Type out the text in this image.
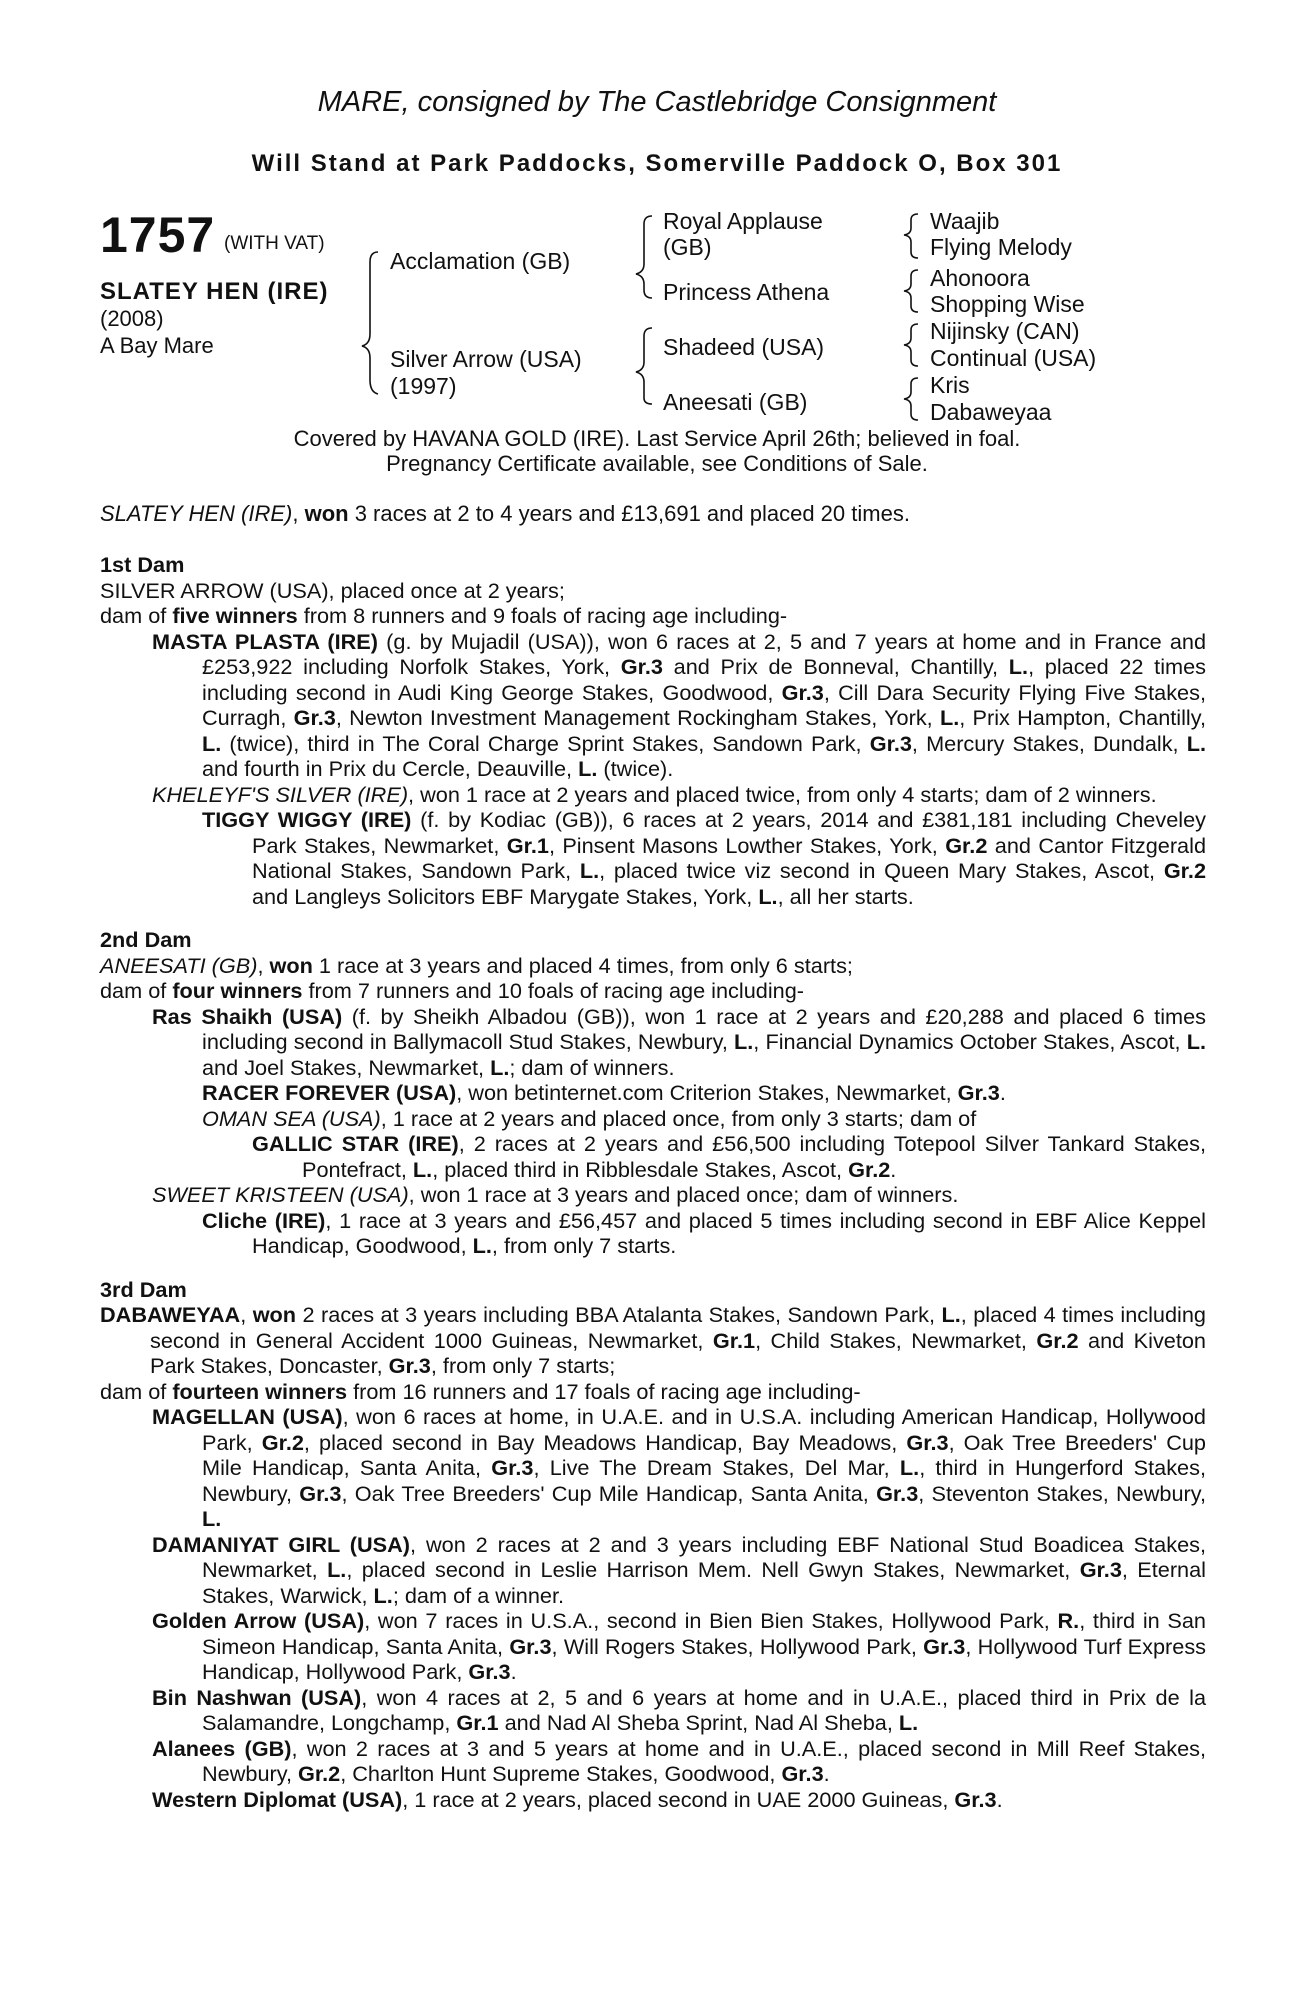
MARE, consigned by The Castlebridge Consignment
Will Stand at Park Paddocks, Somerville Paddock O, Box 301
1757 (WITH VAT)
SLATEY HEN (IRE)
(2008)
A Bay Mare
Acclamation (GB)
Silver Arrow (USA)
(1997)
Royal Applause
(GB)
Princess Athena
Shadeed (USA)
Aneesati (GB)
Waajib
Flying Melody
Ahonoora
Shopping Wise
Nijinsky (CAN)
Continual (USA)
Kris
Dabaweyaa
Covered by HAVANA GOLD (IRE). Last Service April 26th; believed in foal.
Pregnancy Certificate available, see Conditions of Sale.
SLATEY HEN (IRE), won 3 races at 2 to 4 years and £13,691 and placed 20 times.

1st Dam

SILVER ARROW (USA), placed once at 2 years;

dam of five winners from 8 runners and 9 foals of racing age including-

MASTA PLASTA (IRE) (g. by Mujadil (USA)), won 6 races at 2, 5 and 7 years at home and in France and £253,922 including Norfolk Stakes, York, Gr.3 and Prix de Bonneval, Chantilly, L., placed 22 times including second in Audi King George Stakes, Goodwood, Gr.3, Cill Dara Security Flying Five Stakes, Curragh, Gr.3, Newton Investment Management Rockingham Stakes, York, L., Prix Hampton, Chantilly, L. (twice), third in The Coral Charge Sprint Stakes, Sandown Park, Gr.3, Mercury Stakes, Dundalk, L. and fourth in Prix du Cercle, Deauville, L. (twice).

KHELEYF'S SILVER (IRE), won 1 race at 2 years and placed twice, from only 4 starts; dam of 2 winners.

TIGGY WIGGY (IRE) (f. by Kodiac (GB)), 6 races at 2 years, 2014 and £381,181 including Cheveley Park Stakes, Newmarket, Gr.1, Pinsent Masons Lowther Stakes, York, Gr.2 and Cantor Fitzgerald National Stakes, Sandown Park, L., placed twice viz second in Queen Mary Stakes, Ascot, Gr.2 and Langleys Solicitors EBF Marygate Stakes, York, L., all her starts.

2nd Dam

ANEESATI (GB), won 1 race at 3 years and placed 4 times, from only 6 starts;

dam of four winners from 7 runners and 10 foals of racing age including-

Ras Shaikh (USA) (f. by Sheikh Albadou (GB)), won 1 race at 2 years and £20,288 and placed 6 times including second in Ballymacoll Stud Stakes, Newbury, L., Financial Dynamics October Stakes, Ascot, L. and Joel Stakes, Newmarket, L.; dam of winners.

RACER FOREVER (USA), won betinternet.com Criterion Stakes, Newmarket, Gr.3.

OMAN SEA (USA), 1 race at 2 years and placed once, from only 3 starts; dam of

GALLIC STAR (IRE), 2 races at 2 years and £56,500 including Totepool Silver Tankard Stakes, Pontefract, L., placed third in Ribblesdale Stakes, Ascot, Gr.2.

SWEET KRISTEEN (USA), won 1 race at 3 years and placed once; dam of winners.

Cliche (IRE), 1 race at 3 years and £56,457 and placed 5 times including second in EBF Alice Keppel Handicap, Goodwood, L., from only 7 starts.

3rd Dam

DABAWEYAA, won 2 races at 3 years including BBA Atalanta Stakes, Sandown Park, L., placed 4 times including second in General Accident 1000 Guineas, Newmarket, Gr.1, Child Stakes, Newmarket, Gr.2 and Kiveton Park Stakes, Doncaster, Gr.3, from only 7 starts;

dam of fourteen winners from 16 runners and 17 foals of racing age including-

MAGELLAN (USA), won 6 races at home, in U.A.E. and in U.S.A. including American Handicap, Hollywood Park, Gr.2, placed second in Bay Meadows Handicap, Bay Meadows, Gr.3, Oak Tree Breeders' Cup Mile Handicap, Santa Anita, Gr.3, Live The Dream Stakes, Del Mar, L., third in Hungerford Stakes, Newbury, Gr.3, Oak Tree Breeders' Cup Mile Handicap, Santa Anita, Gr.3, Steventon Stakes, Newbury, L.

DAMANIYAT GIRL (USA), won 2 races at 2 and 3 years including EBF National Stud Boadicea Stakes, Newmarket, L., placed second in Leslie Harrison Mem. Nell Gwyn Stakes, Newmarket, Gr.3, Eternal Stakes, Warwick, L.; dam of a winner.

Golden Arrow (USA), won 7 races in U.S.A., second in Bien Bien Stakes, Hollywood Park, R., third in San Simeon Handicap, Santa Anita, Gr.3, Will Rogers Stakes, Hollywood Park, Gr.3, Hollywood Turf Express Handicap, Hollywood Park, Gr.3.

Bin Nashwan (USA), won 4 races at 2, 5 and 6 years at home and in U.A.E., placed third in Prix de la Salamandre, Longchamp, Gr.1 and Nad Al Sheba Sprint, Nad Al Sheba, L.

Alanees (GB), won 2 races at 3 and 5 years at home and in U.A.E., placed second in Mill Reef Stakes, Newbury, Gr.2, Charlton Hunt Supreme Stakes, Goodwood, Gr.3.

Western Diplomat (USA), 1 race at 2 years, placed second in UAE 2000 Guineas, Gr.3.
